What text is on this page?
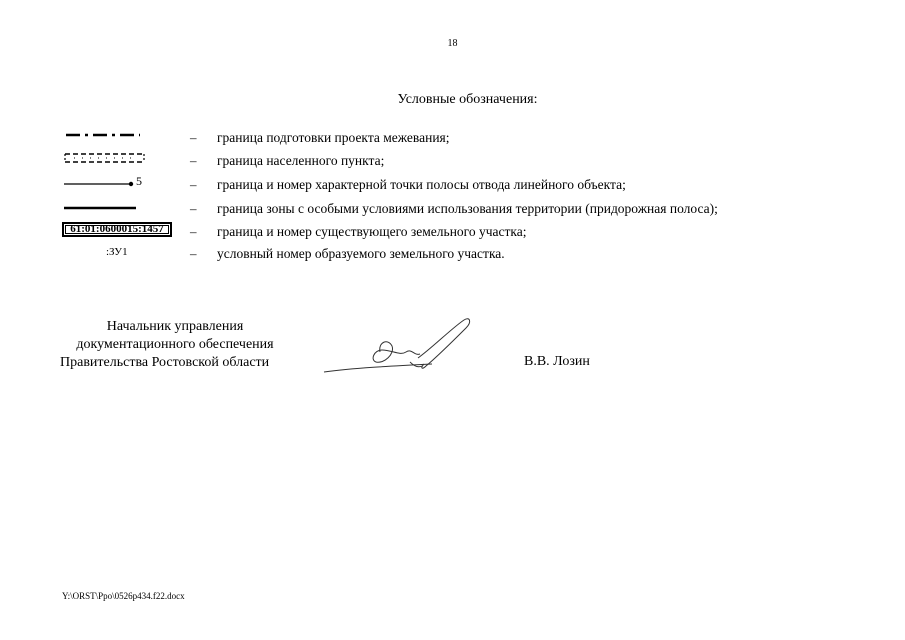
18
Условные обозначения:
– граница подготовки проекта межевания;
– граница населенного пункта;
5	– граница и номер характерной точки полосы отвода линейного объекта;
– граница зоны с особыми условиями использования территории (придорожная полоса);
61:01:0600015:1457	– граница и номер существующего земельного участка;
:ЗУ1	– условный номер образуемого земельного участка.
Начальник управления
документационного обеспечения
Правительства Ростовской области	В.В. Лозин
Y:\ORST\Ppo\0526p434.f22.docx
